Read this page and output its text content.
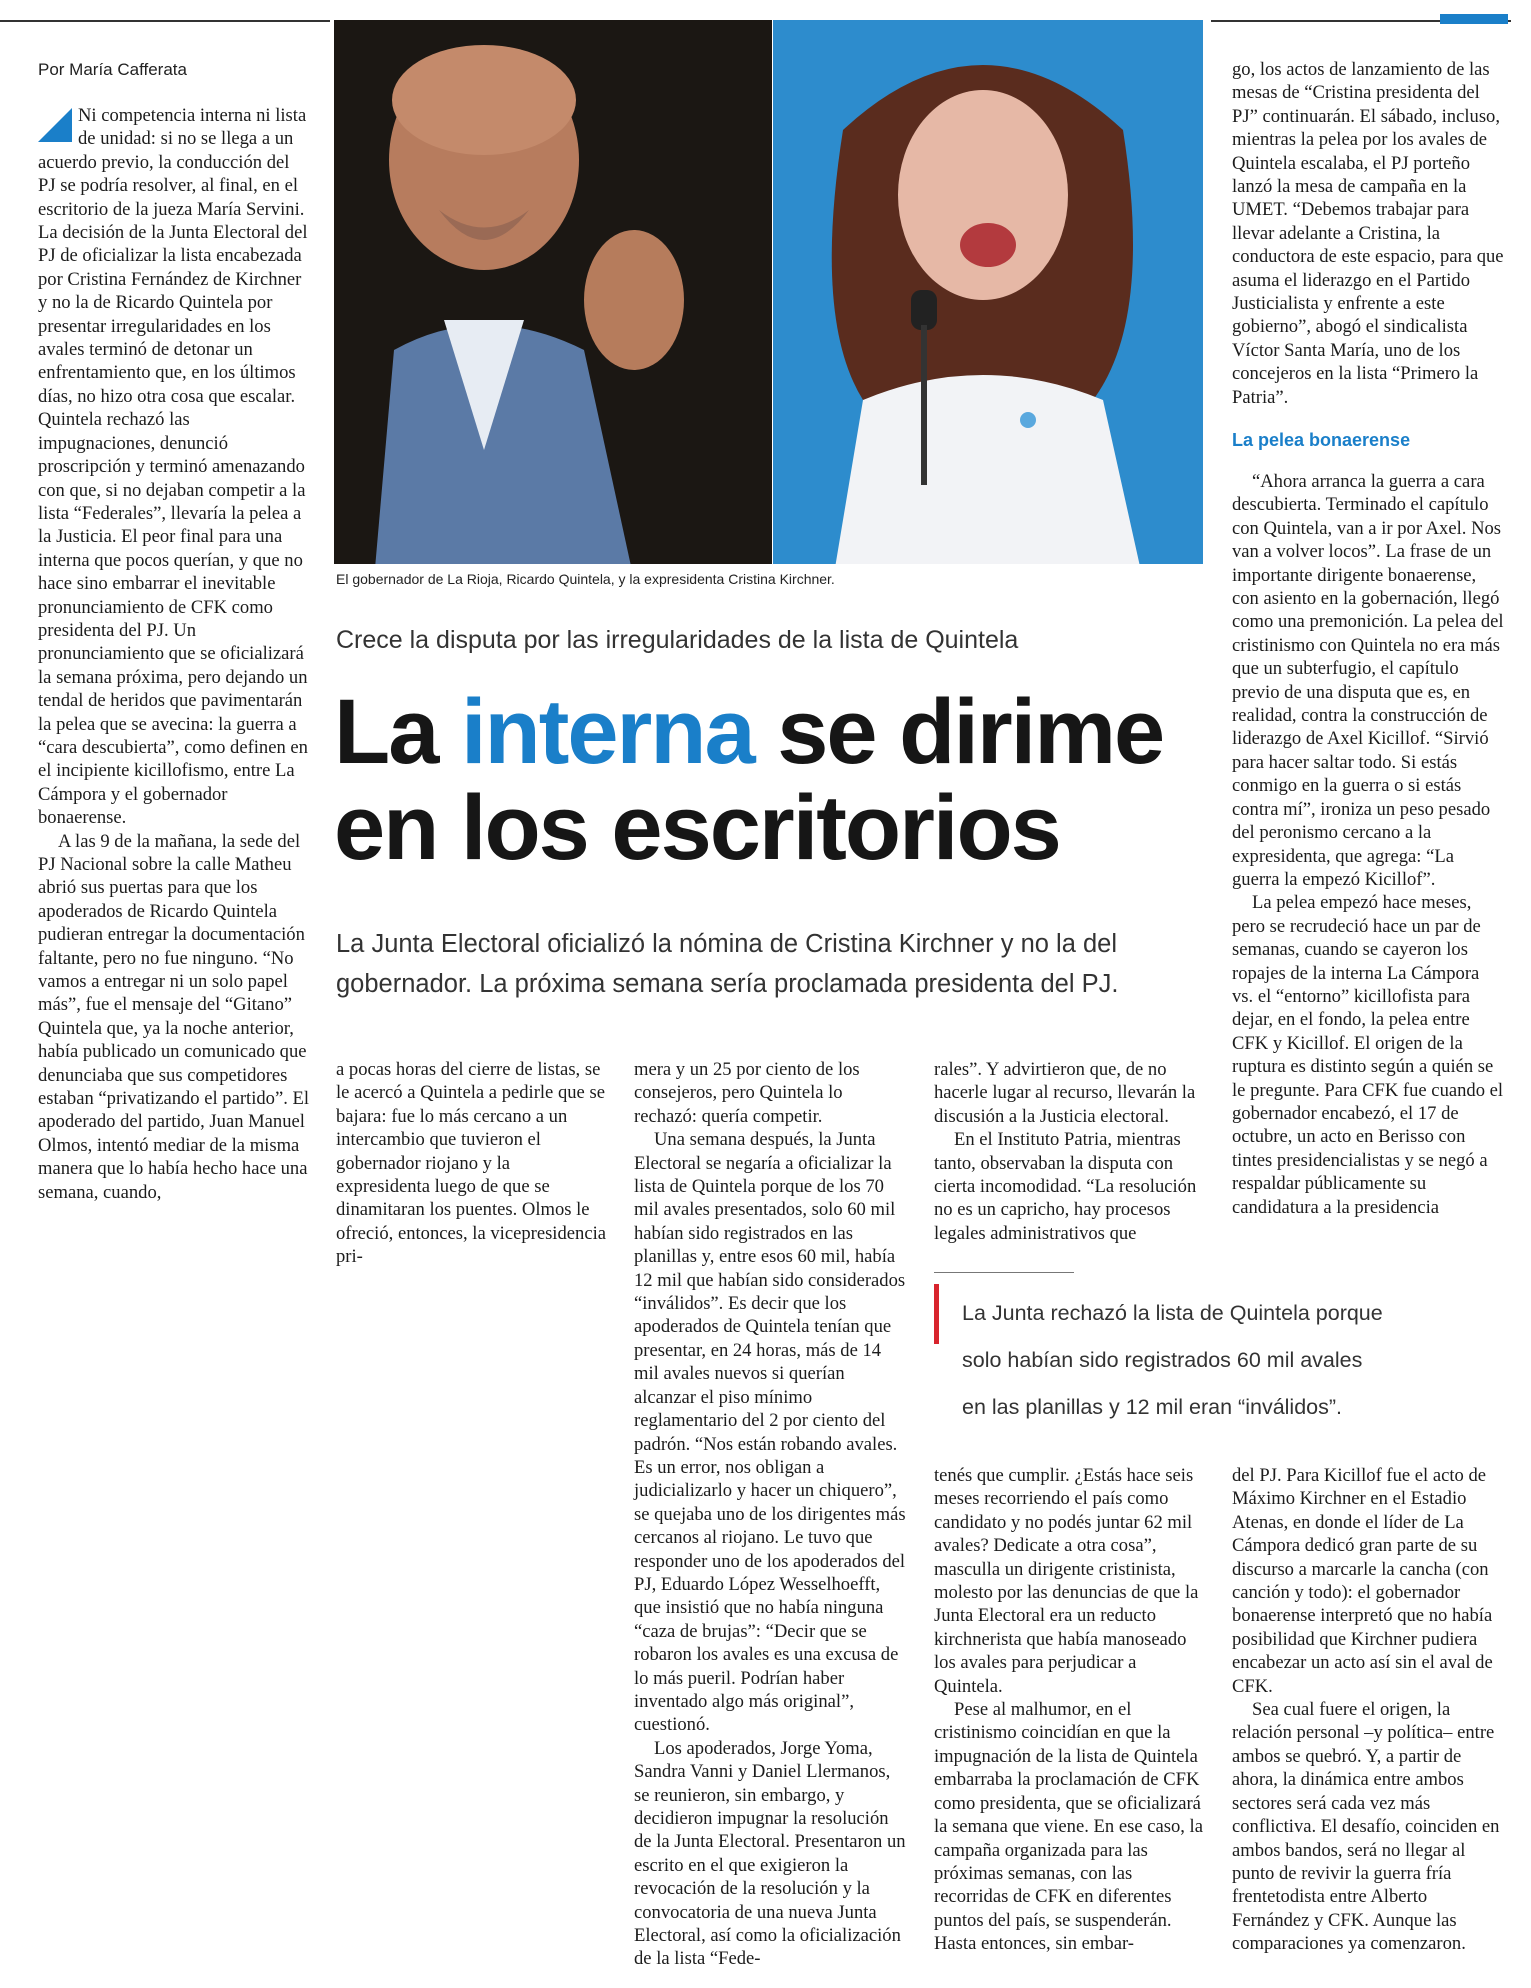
Por María Cafferata

Ni competencia interna ni lista de unidad: si no se llega a un acuerdo previo, la conducción del PJ se podría resolver, al final, en el escritorio de la jueza María Servini. La decisión de la Junta Electoral del PJ de oficializar la lista encabezada por Cristina Fernández de Kirchner y no la de Ricardo Quintela por presentar irregularidades en los avales terminó de detonar un enfrentamiento que, en los últimos días, no hizo otra cosa que escalar. Quintela rechazó las impugnaciones, denunció proscripción y terminó amenazando con que, si no dejaban competir a la lista “Federales”, llevaría la pelea a la Justicia. El peor final para una interna que pocos querían, y que no hace sino embarrar el inevitable pronunciamiento de CFK como presidenta del PJ. Un pronunciamiento que se oficializará la semana próxima, pero dejando un tendal de heridos que pavimentarán la pelea que se avecina: la guerra a “cara descubierta”, como definen en el incipiente kicillofismo, entre La Cámpora y el gobernador bonaerense.

A las 9 de la mañana, la sede del PJ Nacional sobre la calle Matheu abrió sus puertas para que los apoderados de Ricardo Quintela pudieran entregar la documentación faltante, pero no fue ninguno. “No vamos a entregar ni un solo papel más”, fue el mensaje del “Gitano” Quintela que, ya la noche anterior, había publicado un comunicado que denunciaba que sus competidores estaban “privatizando el partido”. El apoderado del partido, Juan Manuel Olmos, intentó mediar de la misma manera que lo había hecho hace una semana, cuando,

El gobernador de La Rioja, Ricardo Quintela, y la expresidenta Cristina Kirchner.
Crece la disputa por las irregularidades de la lista de Quintela
La interna se dirime
en los escritorios
La Junta Electoral oficializó la nómina de Cristina Kirchner y no la del
gobernador. La próxima semana sería proclamada presidenta del PJ.

a pocas horas del cierre de listas, se le acercó a Quintela a pedirle que se bajara: fue lo más cercano a un intercambio que tuvieron el gobernador riojano y la expresidenta luego de que se dinamitaran los puentes. Olmos le ofreció, entonces, la vicepresidencia pri-

mera y un 25 por ciento de los consejeros, pero Quintela lo rechazó: quería competir.

Una semana después, la Junta Electoral se negaría a oficializar la lista de Quintela porque de los 70 mil avales presentados, solo 60 mil habían sido registrados en las planillas y, entre esos 60 mil, había 12 mil que habían sido considerados “inválidos”. Es decir que los apoderados de Quintela tenían que presentar, en 24 horas, más de 14 mil avales nuevos si querían alcanzar el piso mínimo reglamentario del 2 por ciento del padrón. “Nos están robando avales. Es un error, nos obligan a judicializarlo y hacer un chiquero”, se quejaba uno de los dirigentes más cercanos al riojano. Le tuvo que responder uno de los apoderados del PJ, Eduardo López Wesselhoefft, que insistió que no había ninguna “caza de brujas”: “Decir que se robaron los avales es una excusa de lo más pueril. Podrían haber inventado algo más original”, cuestionó.

Los apoderados, Jorge Yoma, Sandra Vanni y Daniel Llermanos, se reunieron, sin embargo, y decidieron impugnar la resolución de la Junta Electoral. Presentaron un escrito en el que exigieron la revocación de la resolución y la convocatoria de una nueva Junta Electoral, así como la oficialización de la lista “Fede-

rales”. Y advirtieron que, de no hacerle lugar al recurso, llevarán la discusión a la Justicia electoral.

En el Instituto Patria, mientras tanto, observaban la disputa con cierta incomodidad. “La resolución no es un capricho, hay procesos legales administrativos que

La Junta rechazó la lista de Quintela porque
solo habían sido registrados 60 mil avales
en las planillas y 12 mil eran “inválidos”.

tenés que cumplir. ¿Estás hace seis meses recorriendo el país como candidato y no podés juntar 62 mil avales? Dedicate a otra cosa”, masculla un dirigente cristinista, molesto por las denuncias de que la Junta Electoral era un reducto kirchnerista que había manoseado los avales para perjudicar a Quintela.

Pese al malhumor, en el cristinismo coincidían en que la impugnación de la lista de Quintela embarraba la proclamación de CFK como presidenta, que se oficializará la semana que viene. En ese caso, la campaña organizada para las próximas semanas, con las recorridas de CFK en diferentes puntos del país, se suspenderán. Hasta entonces, sin embar-

go, los actos de lanzamiento de las mesas de “Cristina presidenta del PJ” continuarán. El sábado, incluso, mientras la pelea por los avales de Quintela escalaba, el PJ porteño lanzó la mesa de campaña en la UMET. “Debemos trabajar para llevar adelante a Cristina, la conductora de este espacio, para que asuma el liderazgo en el Partido Justicialista y enfrente a este gobierno”, abogó el sindicalista Víctor Santa María, uno de los concejeros en la lista “Primero la Patria”.

La pelea bonaerense

“Ahora arranca la guerra a cara descubierta. Terminado el capítulo con Quintela, van a ir por Axel. Nos van a volver locos”. La frase de un importante dirigente bonaerense, con asiento en la gobernación, llegó como una premonición. La pelea del cristinismo con Quintela no era más que un subterfugio, el capítulo previo de una disputa que es, en realidad, contra la construcción de liderazgo de Axel Kicillof. “Sirvió para hacer saltar todo. Si estás conmigo en la guerra o si estás contra mí”, ironiza un peso pesado del peronismo cercano a la expresidenta, que agrega: “La guerra la empezó Kicillof”.

La pelea empezó hace meses, pero se recrudeció hace un par de semanas, cuando se cayeron los ropajes de la interna La Cámpora vs. el “entorno” kicillofista para dejar, en el fondo, la pelea entre CFK y Kicillof. El origen de la ruptura es distinto según a quién se le pregunte. Para CFK fue cuando el gobernador encabezó, el 17 de octubre, un acto en Berisso con tintes presidencialistas y se negó a respaldar públicamente su candidatura a la presidencia

del PJ. Para Kicillof fue el acto de Máximo Kirchner en el Estadio Atenas, en donde el líder de La Cámpora dedicó gran parte de su discurso a marcarle la cancha (con canción y todo): el gobernador bonaerense interpretó que no había posibilidad que Kirchner pudiera encabezar un acto así sin el aval de CFK.

Sea cual fuere el origen, la relación personal –y política– entre ambos se quebró. Y, a partir de ahora, la dinámica entre ambos sectores será cada vez más conflictiva. El desafío, coinciden en ambos bandos, será no llegar al punto de revivir la guerra fría frentetodista entre Alberto Fernández y CFK. Aunque las comparaciones ya comenzaron.
